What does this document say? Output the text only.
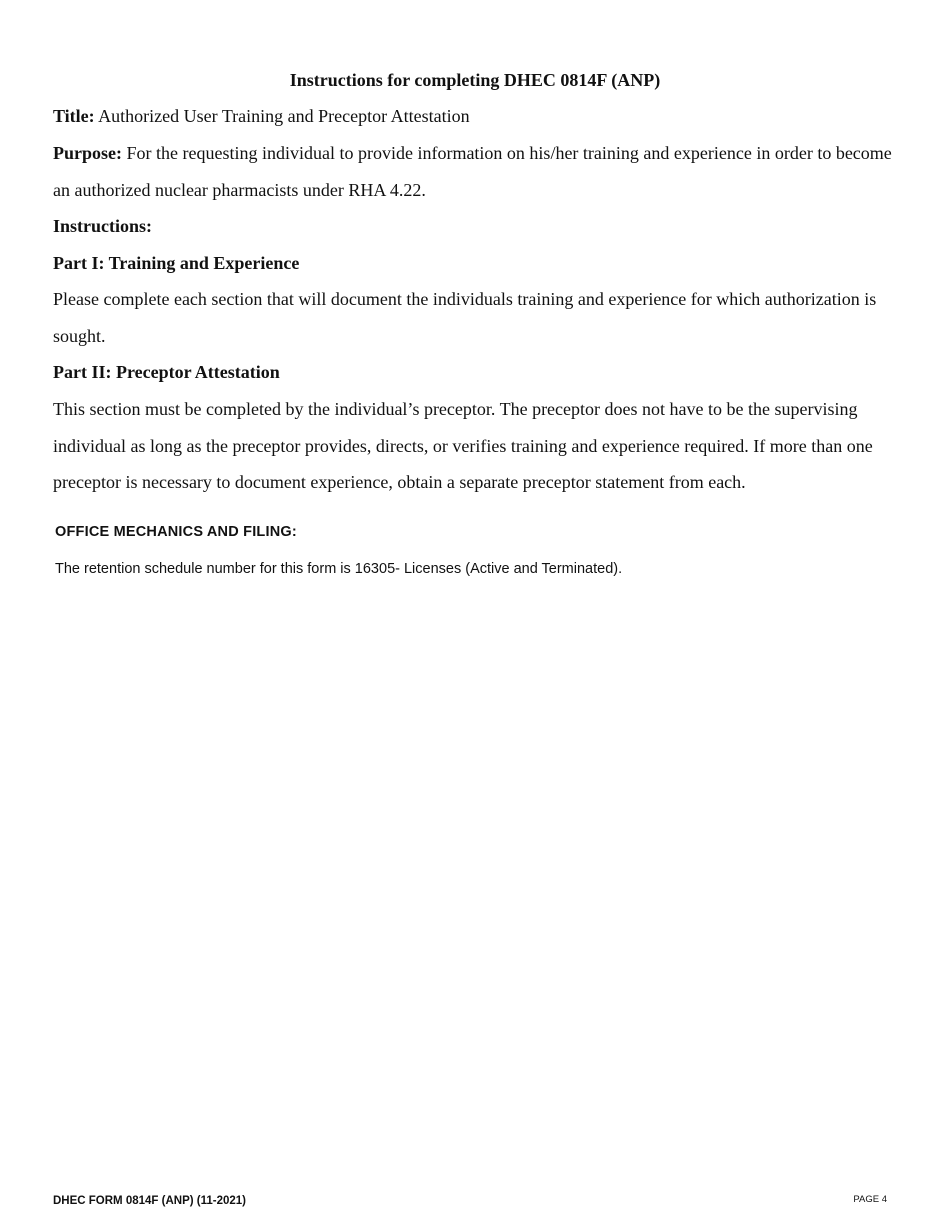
Instructions for completing DHEC 0814F (ANP)
Title: Authorized User Training and Preceptor Attestation
Purpose: For the requesting individual to provide information on his/her training and experience in order to become an authorized nuclear pharmacists under RHA 4.22.
Instructions:
Part I: Training and Experience
Please complete each section that will document the individuals training and experience for which authorization is sought.
Part II: Preceptor Attestation
This section must be completed by the individual’s preceptor. The preceptor does not have to be the supervising individual as long as the preceptor provides, directs, or verifies training and experience required. If more than one preceptor is necessary to document experience, obtain a separate preceptor statement from each.
OFFICE MECHANICS AND FILING:
The retention schedule number for this form is 16305- Licenses (Active and Terminated).
DHEC FORM 0814F (ANP) (11-2021)	PAGE 4
